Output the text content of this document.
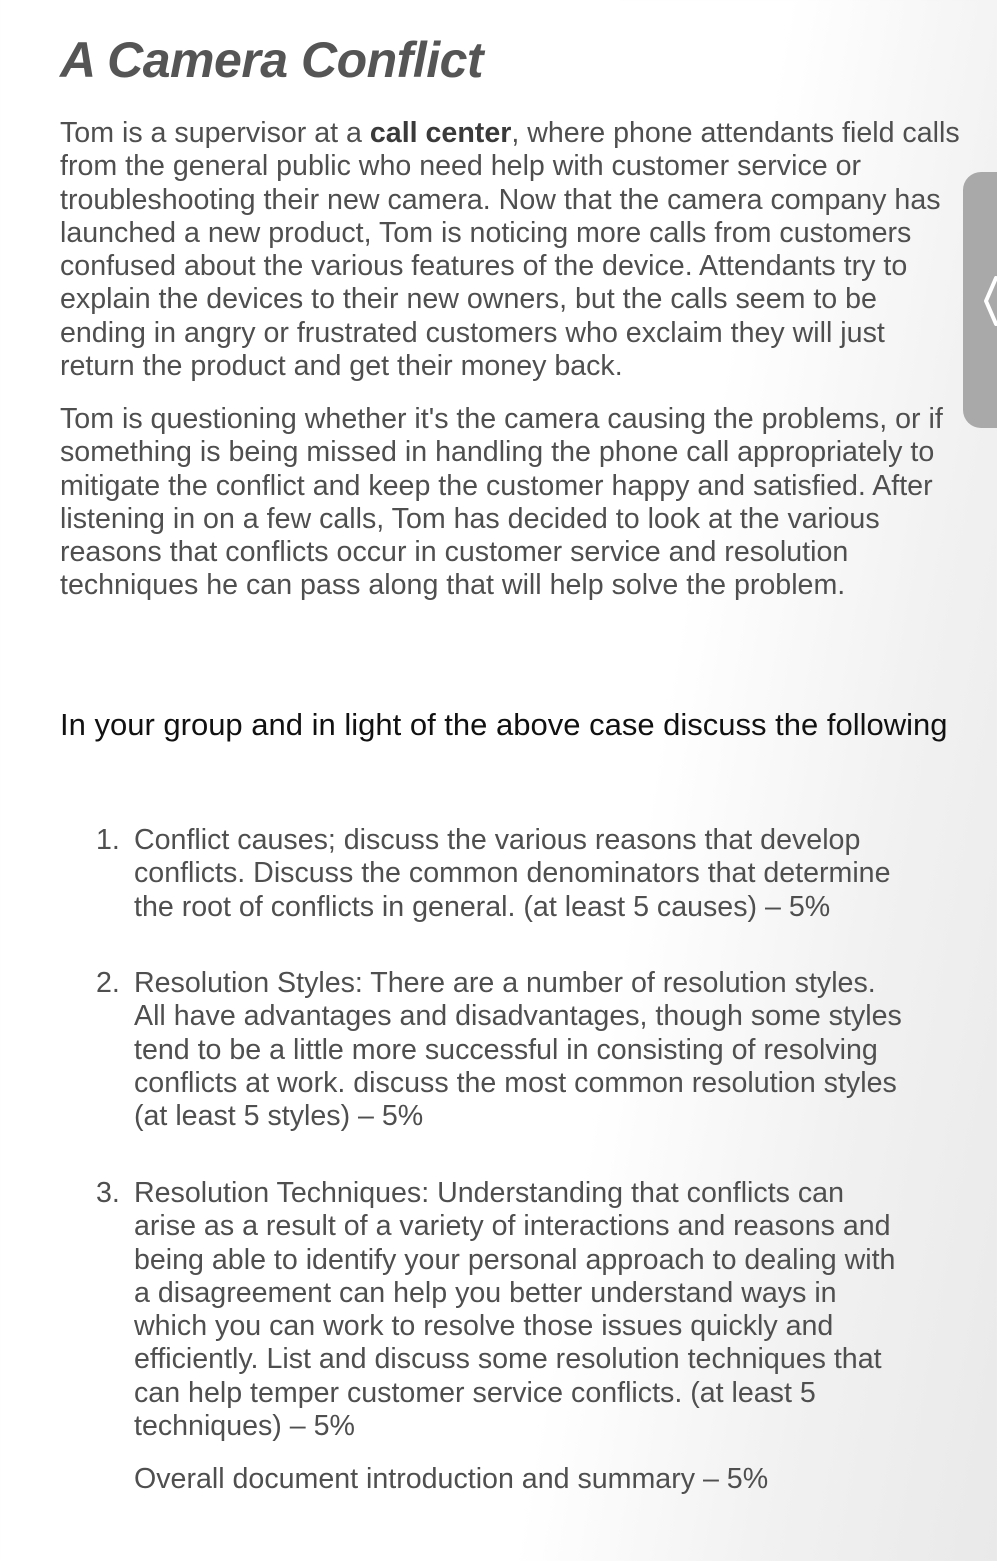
A Camera Conflict

Tom is a supervisor at a call center, where phone attendants field calls from the general public who need help with customer service or troubleshooting their new camera. Now that the camera company has launched a new product, Tom is noticing more calls from customers confused about the various features of the device. Attendants try to explain the devices to their new owners, but the calls seem to be ending in angry or frustrated customers who exclaim they will just return the product and get their money back.

Tom is questioning whether it's the camera causing the problems, or if something is being missed in handling the phone call appropriately to mitigate the conflict and keep the customer happy and satisfied. After listening in on a few calls, Tom has decided to look at the various reasons that conflicts occur in customer service and resolution techniques he can pass along that will help solve the problem.

In your group and in light of the above case discuss the following

1. Conflict causes; discuss the various reasons that develop
conflicts. Discuss the common denominators that determine
the root of conflicts in general. (at least 5 causes) – 5%
2. Resolution Styles: There are a number of resolution styles.
All have advantages and disadvantages, though some styles
tend to be a little more successful in consisting of resolving
conflicts at work. discuss the most common resolution styles
(at least 5 styles) – 5%
3. Resolution Techniques: Understanding that conflicts can
arise as a result of a variety of interactions and reasons and
being able to identify your personal approach to dealing with
a disagreement can help you better understand ways in
which you can work to resolve those issues quickly and
efficiently. List and discuss some resolution techniques that
can help temper customer service conflicts. (at least 5
techniques) – 5%
Overall document introduction and summary – 5%
